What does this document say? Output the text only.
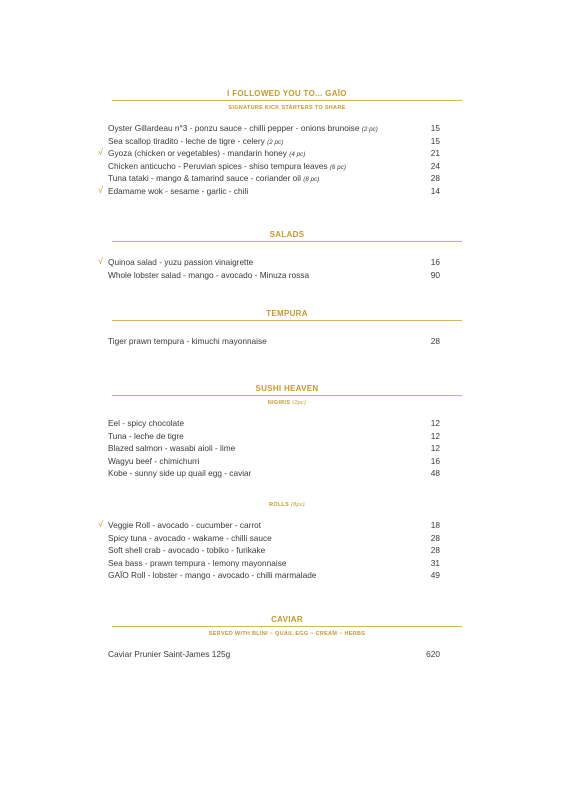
I FOLLOWED YOU TO... GAÏO
SIGNATURE KICK STARTERS TO SHARE
Oyster Gillardeau n°3 - ponzu sauce - chilli pepper - onions brunoise (2 pc)	15
Sea scallop tiradito - leche de tigre - celery (2 pc)	15
√ Gyoza (chicken or vegetables) - mandarin honey (4 pc)	21
Chicken anticucho - Peruvian spices - shiso tempura leaves (6 pc)	24
Tuna tataki - mango & tamarind sauce - coriander oil (8 pc)	28
√ Edamame wok - sesame - garlic - chili	14
SALADS
√ Quinoa salad - yuzu passion vinaigrette	16
Whole lobster salad - mango - avocado - Minuza rossa	90
TEMPURA
Tiger prawn tempura - kimuchi mayonnaise	28
SUSHI HEAVEN
NIGIRIS (2pc)
Eel - spicy chocolate	12
Tuna - leche de tigre	12
Blazed salmon - wasabi aioli - lime	12
Wagyu beef - chimichurri	16
Kobe - sunny side up quail egg - caviar	48
ROLLS (8pc)
√ Veggie Roll - avocado - cucumber - carrot	18
Spicy tuna - avocado - wakame - chilli sauce	28
Soft shell crab - avocado - tobiko - furikake	28
Sea bass - prawn tempura - lemony mayonnaise	31
GAÏO Roll - lobster - mango - avocado - chilli marmalade	49
CAVIAR
SERVED WITH BLINI ~ QUAIL EGG ~ CREAM ~ HERBS
Caviar Prunier Saint-James 125g	620
